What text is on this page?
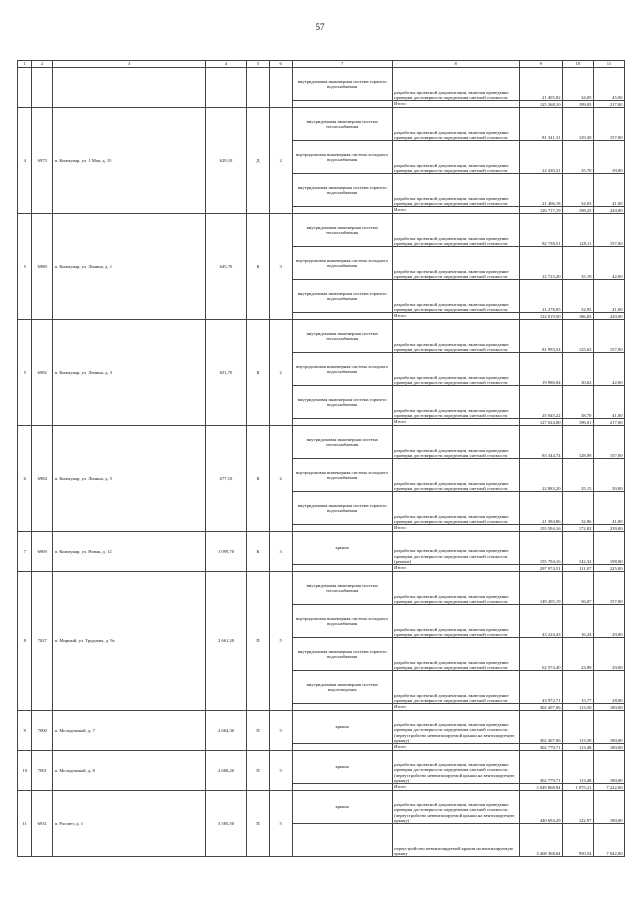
57
1	2	3	4	5	6	7	8	9	10	11
						внутридомовая инженерная система горячего водоснабжения	разработка проектной документации, включая проведение проверки достоверности определения сметной стоимости	21 405,82	34,05	45,00
							Итого	125 268,10	199,05	217,00
4	6973	п. Коммунар, ул. 1 Мая, д. 15	629,10	Д	2	внутридомовая инженерная система теплоснабжения	разработка проектной документации, включая проведение проверки достоверности определения сметной стоимости	81 341,31	129,30	157,00
						внутридомовая инженерная система холодного водоснабжения	разработка проектной документации, включая проведение проверки достоверности определения сметной стоимости	22 430,31	35,70	39,00
						внутридомовая инженерная система горячего водоснабжения	разработка проектной документации, включая проведение проверки достоверности определения сметной стоимости	21 406,18	34,03	41,00
							Итого	126 717,19	198,25	220,00
5	6980	п. Коммунар, ул. Ленина, д. 1	645,70	К	3	внутридомовая инженерная система теплоснабжения	разработка проектной документации, включая проведение проверки достоверности определения сметной стоимости	82 738,51	128,11	157,00
						внутридомовая инженерная система холодного водоснабжения	разработка проектной документации, включая проведение проверки достоверности определения сметной стоимости	22 723,20	35,19	42,00
						внутридомовая инженерная система горячего водоснабжения	разработка проектной документации, включая проведение проверки достоверности определения сметной стоимости	21 278,05	32,95	41,00
							Итого	122 019,50	186,83	220,00
5	6982	п. Коммунар, ул. Ленина, д. 3	651,70	К	2	внутридомовая инженерная система теплоснабжения	разработка проектной документации, включая проведение проверки достоверности определения сметной стоимости	81 993,54	125,63	157,00
						внутридомовая инженерная система холодного водоснабжения	разработка проектной документации, включая проведение проверки достоверности определения сметной стоимости	19 986,04	30,62	42,00
						внутридомовая инженерная система горячего водоснабжения	разработка проектной документации, включая проведение проверки достоверности определения сметной стоимости	25 045,22	38,70	41,00
							Итого	127 024,80	196,01	217,00
6	6984	п. Коммунар, ул. Ленина, д. 5	677,10	К	2	внутридомовая инженерная система теплоснабжения	разработка проектной документации, включая проведение проверки достоверности определения сметной стоимости	83 344,74	128,09	157,00
						внутридомовая инженерная система холодного водоснабжения	разработка проектной документации, включая проведение проверки достоверности определения сметной стоимости	22 883,20	35,15	39,00
						внутридомовая инженерная система горячего водоснабжения	разработка проектной документации, включая проведение проверки достоверности определения сметной стоимости	21 394,86	32,86	41,00
							Итого	155 594,16	172,82	239,00
7	6969	п. Коммунар, ул. Новая, д. 12	1 099,70	К	3	крыша	разработка проектной документации, включая проведение проверки достоверности определения сметной стоимости (ремонт)	155 794,16	142,32	198,00
							Итого	297 974,51	111,07	225,00
8	7027	п. Мирный, ул. Труднова, д. 9а	2 661,20	П	5	внутридомовая инженерная система теплоснабжения	разработка проектной документации, включая проведение проверки достоверности определения сметной стоимости	149 205,19	56,07	157,00
						внутридомовая инженерная система холодного водоснабжения	разработка проектной документации, включая проведение проверки достоверности определения сметной стоимости	43 224,43	16,24	29,00
						внутридомовая инженерная система горячего водоснабжения	разработка проектной документации, включая проведение проверки достоверности определения сметной стоимости	62 574,40	23,89	29,00
						внутридомовая инженерная система водоотведения	разработка проектной документации, включая проведение проверки достоверности определения сметной стоимости	43 972,71	15,77	28,00
							Итого	302 407,06	113,50	180,00
9	7000	п. Молодежный, д. 7	2 664,30	П	5	крыша	разработка проектной документации, включая проведение проверки достоверности определения сметной стоимости (переустройство невентилируемой крыши на вентилируемую крышу)	302 407,06	113,50	180,00
							Итого	302 779,71	113,48	180,00
10	7001	п. Молодежный, д. 8	2 668,20	П	5	крыша	разработка проектной документации, включая проведение проверки достоверности определения сметной стоимости (переустройство невентилируемой крыши на вентилируемую крышу)	302 779,71	113,48	180,00
							Итого	3 049 868,94	1 075,21	7 222,00
11	6931	п. Рассвет, д. 1	3 585,50	П	5	крыша	разработка проектной документации, включая проведение проверки достоверности определения сметной стоимости (переустройство невентилируемой крыши на вентилируемую крышу)	440 694,29	122,97	180,00
							переустройство невентилируемой крыши на вентилируемую крышу	3 408 368,64	950,54	7 042,00
